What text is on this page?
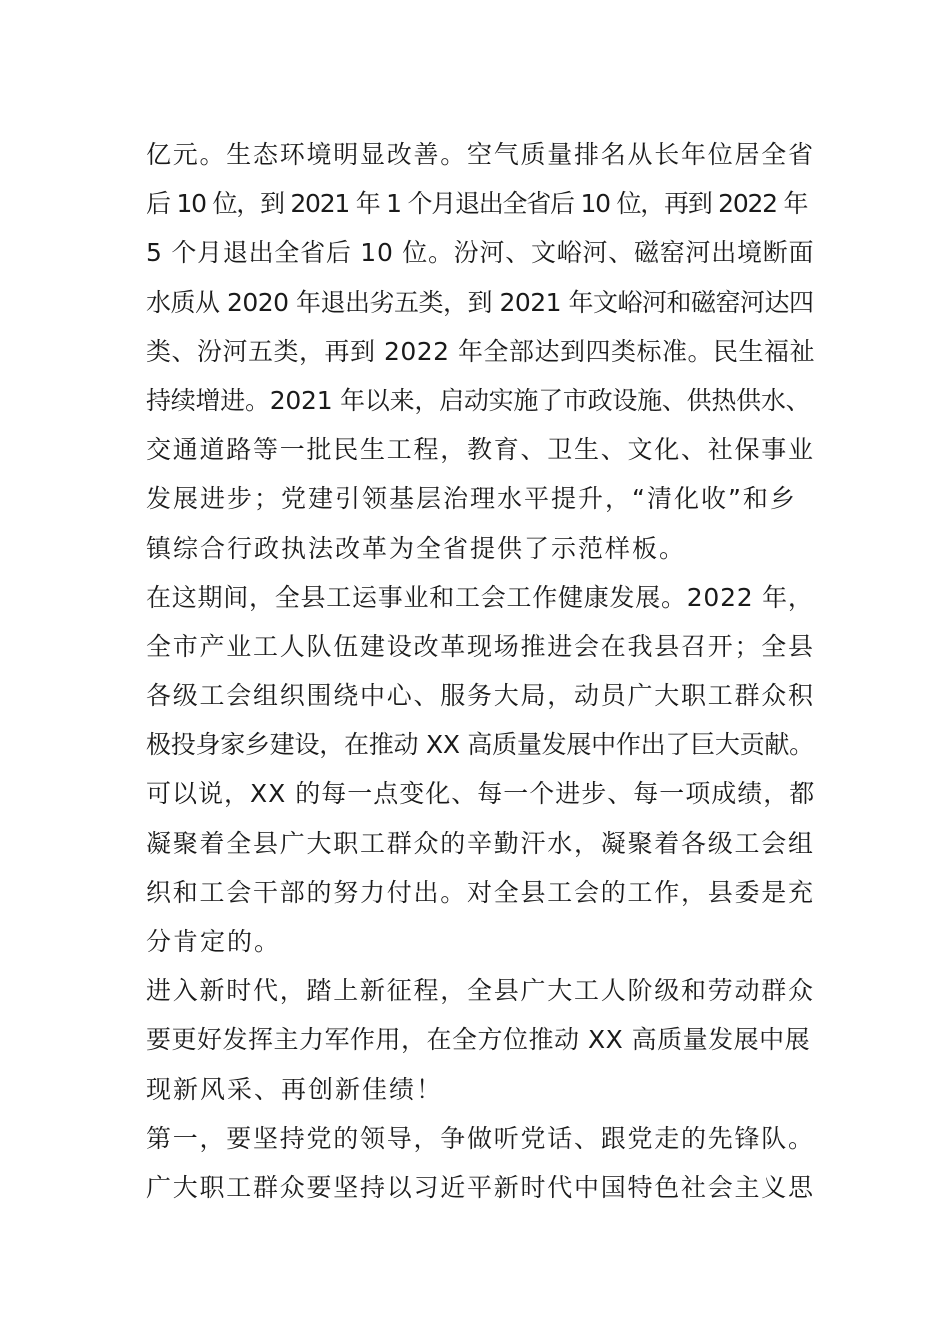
亿元。生态环境明显改善。空气质量排名从长年位居全省
后 10 位，到 2021 年 1 个月退出全省后 10 位，再到 2022 年
5 个月退出全省后 10 位。汾河、文峪河、磁窑河出境断面
水质从 2020 年退出劣五类，到 2021 年文峪河和磁窑河达四
类、汾河五类，再到 2022 年全部达到四类标准。民生福祉
持续增进。2021 年以来，启动实施了市政设施、供热供水、
交通道路等一批民生工程，教育、卫生、文化、社保事业
发展进步；党建引领基层治理水平提升，“清化收”和乡
镇综合行政执法改革为全省提供了示范样板。
在这期间，全县工运事业和工会工作健康发展。2022 年，
全市产业工人队伍建设改革现场推进会在我县召开；全县
各级工会组织围绕中心、服务大局，动员广大职工群众积
极投身家乡建设，在推动 XX 高质量发展中作出了巨大贡献。
可以说，XX 的每一点变化、每一个进步、每一项成绩，都
凝聚着全县广大职工群众的辛勤汗水，凝聚着各级工会组
织和工会干部的努力付出。对全县工会的工作，县委是充
分肯定的。
进入新时代，踏上新征程，全县广大工人阶级和劳动群众
要更好发挥主力军作用，在全方位推动 XX 高质量发展中展
现新风采、再创新佳绩！
第一，要坚持党的领导，争做听党话、跟党走的先锋队。
广大职工群众要坚持以习近平新时代中国特色社会主义思
